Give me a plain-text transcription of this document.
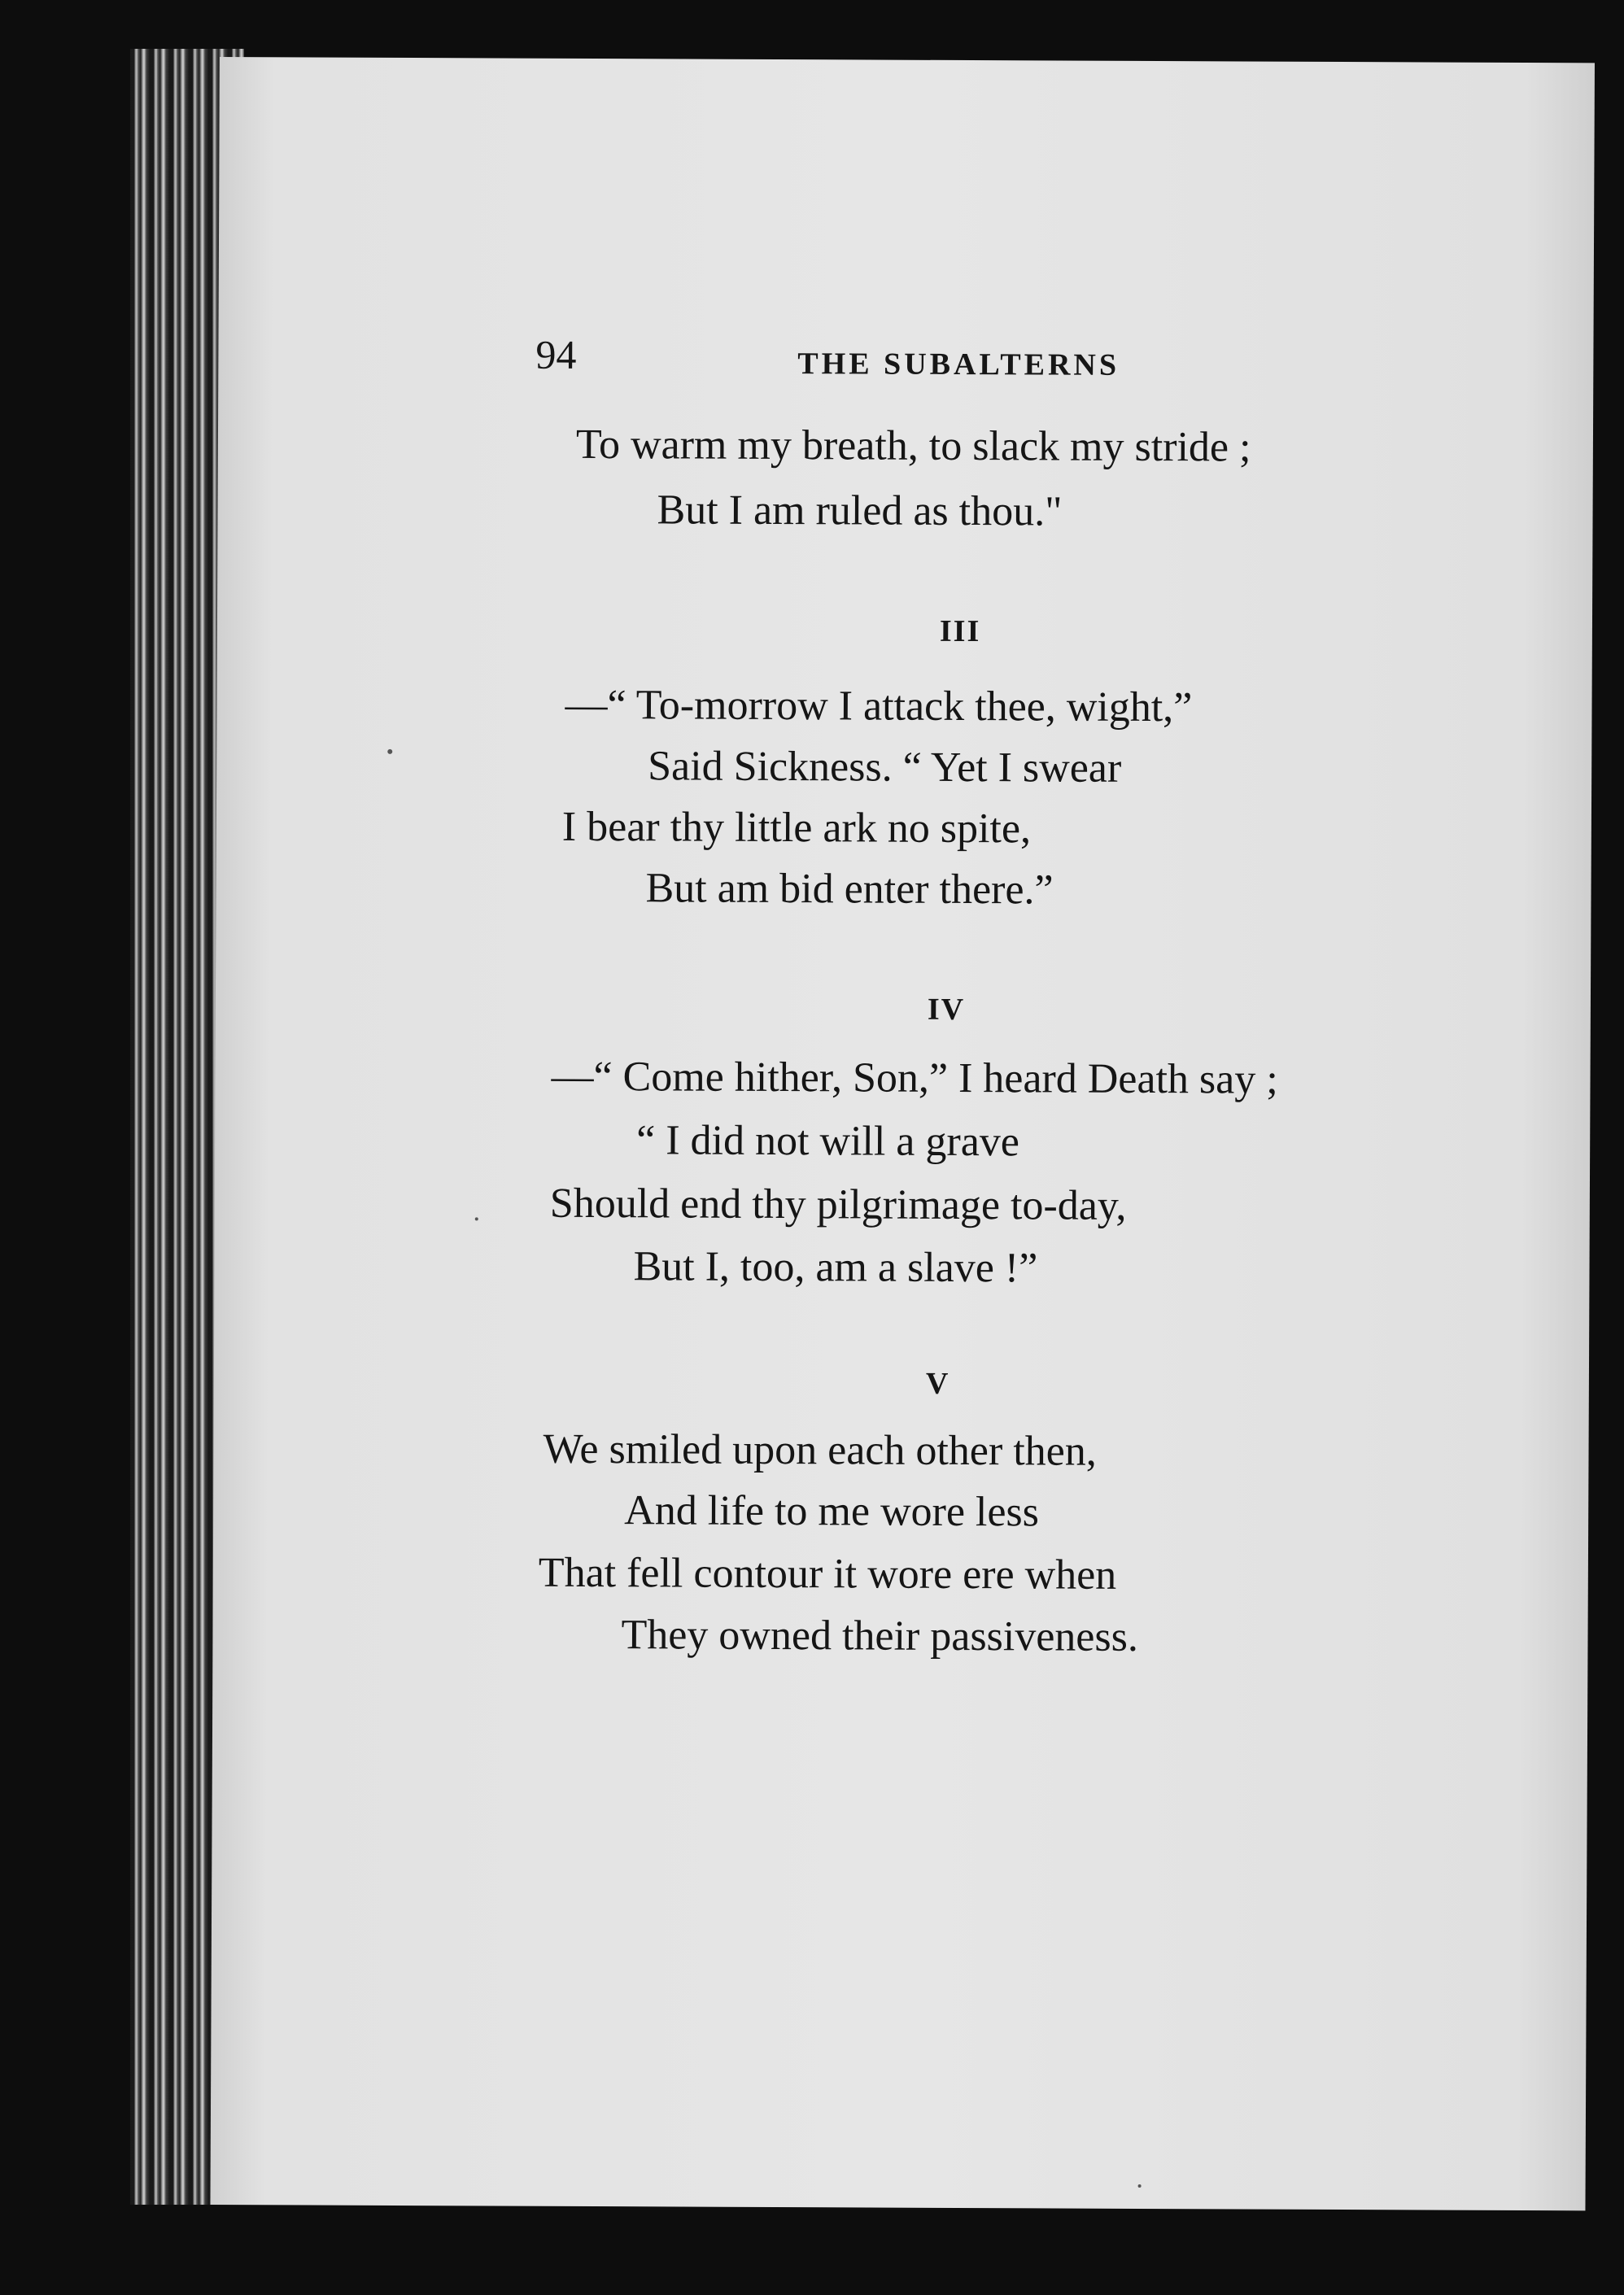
94	THE SUBALTERNS
To warm my breath, to slack my stride ;
But I am ruled as thou."
III
—“ To-morrow I attack thee, wight,”
Said Sickness. “ Yet I swear
I bear thy little ark no spite,
But am bid enter there.”
IV
—“ Come hither, Son,” I heard Death say ;
“ I did not will a grave
Should end thy pilgrimage to-day,
But I, too, am a slave !”
V
We smiled upon each other then,
And life to me wore less
That fell contour it wore ere when
They owned their passiveness.
